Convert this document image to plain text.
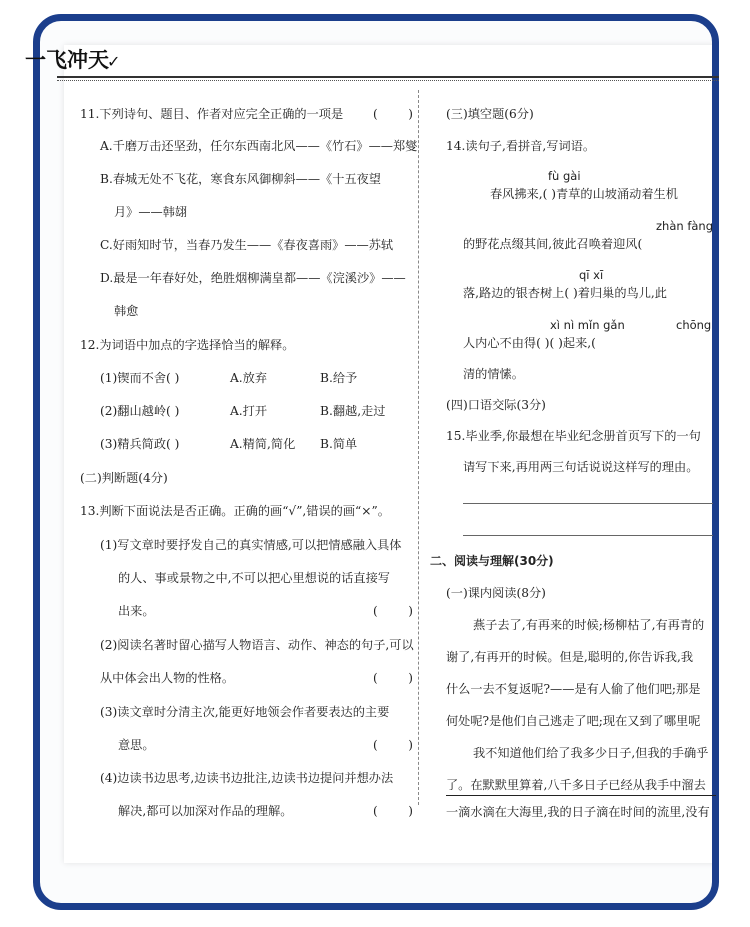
一飞冲天✓
11.下列诗句、题目、作者对应完全正确的一项是 (        )
A.千磨万击还坚劲，任尔东西南北风——《竹石》——郑燮
B.春城无处不飞花，寒食东风御柳斜——《十五夜望
月》——韩翃
C.好雨知时节，当春乃发生——《春夜喜雨》——苏轼
D.最是一年春好处，绝胜烟柳满皇都——《浣溪沙》——
韩愈
12.为词语中加点的字选择恰当的解释。
(1)锲而不舍( )	A.放弃	B.给予
(2)翻山越岭( )	A.打开	B.翻越,走过
(3)精兵简政( )	A.精简,简化 B.简单
(二)判断题(4分)
13.判断下面说法是否正确。正确的画“√”,错误的画“×”。
(1)写文章时要抒发自己的真实情感,可以把情感融入具体
的人、事或景物之中,不可以把心里想说的话直接写
出来。	(        )
(2)阅读名著时留心描写人物语言、动作、神态的句子,可以
从中体会出人物的性格。	(        )
(3)读文章时分清主次,能更好地领会作者要表达的主要
意思。	(        )
(4)边读书边思考,边读书边批注,边读书边提问并想办法
解决,都可以加深对作品的理解。	(        )
(三)填空题(6分)
14.读句子,看拼音,写词语。
fù gài
春风拂来,( )青草的山坡涌动着生机
zhàn fàng
的野花点缀其间,彼此召唤着迎风(
qī xī
落,路边的银杏树上( )着归巢的鸟儿,此
xì nì mǐn gǎn	chōng
人内心不由得( )( )起来,(
清的情愫。
(四)口语交际(3分)
15.毕业季,你最想在毕业纪念册首页写下的一句
请写下来,再用两三句话说说这样写的理由。
二、阅读与理解(30分)
(一)课内阅读(8分)
燕子去了,有再来的时候;杨柳枯了,有再青的
谢了,有再开的时候。但是,聪明的,你告诉我,我
什么一去不复返呢?——是有人偷了他们吧;那是
何处呢?是他们自己逃走了吧;现在又到了哪里呢
我不知道他们给了我多少日子,但我的手确乎
了。在默默里算着,八千多日子已经从我手中溜去
一滴水滴在大海里,我的日子滴在时间的流里,没有
